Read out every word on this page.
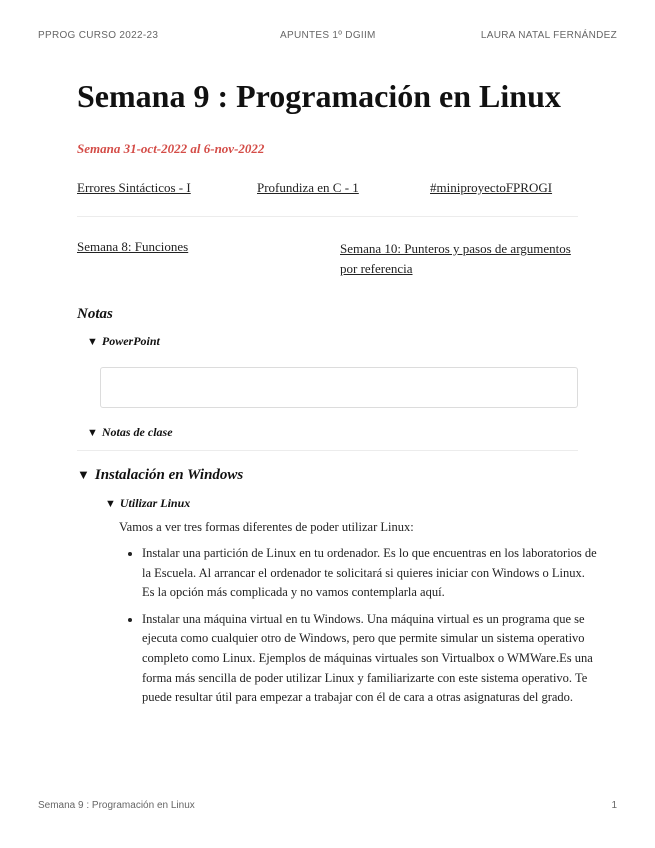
PPROG CURSO 2022-23	APUNTES 1º DGIIM	LAURA NATAL FERNÁNDEZ
Semana 9 : Programación en Linux
Semana 31-oct-2022 al 6-nov-2022
Errores Sintácticos - I	Profundiza en C - 1	#miniproyectoFPROGI
Semana 8: Funciones	Semana 10: Punteros y pasos de argumentos por referencia
Notas
▼ PowerPoint
▼ Notas de clase
▼ Instalación en Windows
▼ Utilizar Linux
Vamos a ver tres formas diferentes de poder utilizar Linux:
• Instalar una partición de Linux en tu ordenador. Es lo que encuentras en los laboratorios de la Escuela. Al arrancar el ordenador te solicitará si quieres iniciar con Windows o Linux. Es la opción más complicada y no vamos contemplarla aquí.
• Instalar una máquina virtual en tu Windows. Una máquina virtual es un programa que se ejecuta como cualquier otro de Windows, pero que permite simular un sistema operativo completo como Linux. Ejemplos de máquinas virtuales son Virtualbox o WMWare.Es una forma más sencilla de poder utilizar Linux y familiarizarte con este sistema operativo. Te puede resultar útil para empezar a trabajar con él de cara a otras asignaturas del grado.
Semana 9 : Programación en Linux	1
